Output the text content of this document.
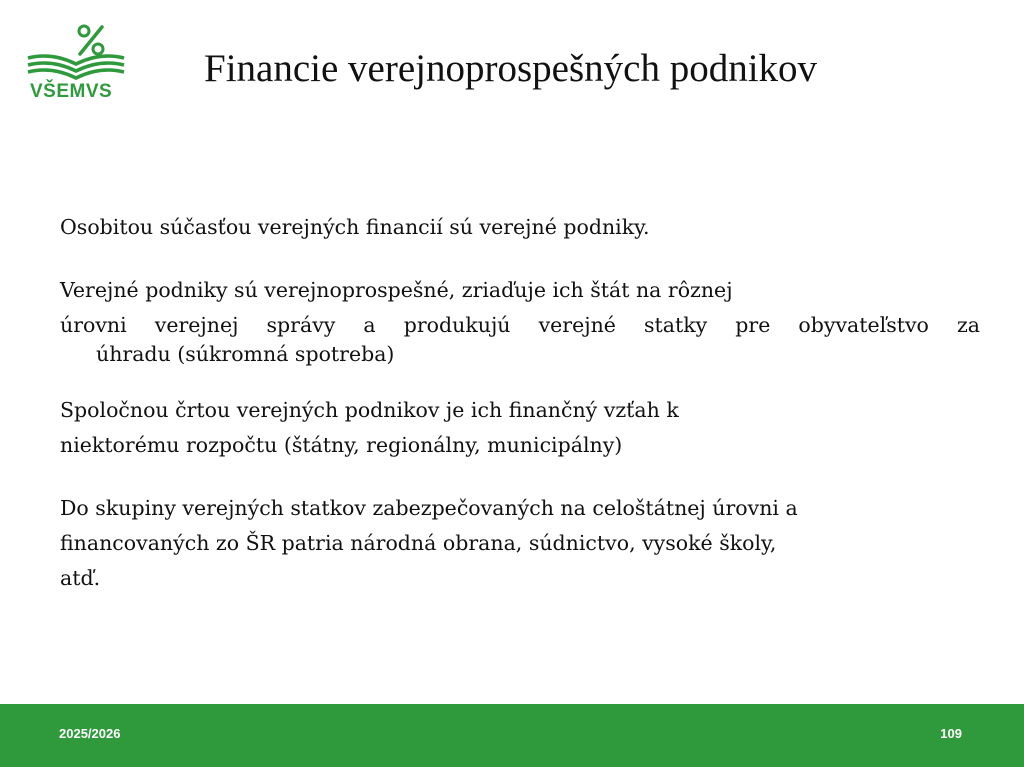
VŠEMVS
Financie verejnoprospešných podnikov

Osobitou súčasťou verejných financií sú verejné podniky.

Verejné podniky sú verejnoprospešné, zriaďuje ich štát na rôznej
úrovni verejnej správy a produkujú verejné statky pre obyvateľstvo za
úhradu (súkromná spotreba)

Spoločnou črtou verejných podnikov je ich finančný vzťah k
niektorému rozpočtu (štátny, regionálny, municipálny)

Do skupiny verejných statkov zabezpečovaných na celoštátnej úrovni a
financovaných zo ŠR patria národná obrana, súdnictvo, vysoké školy,
atď.

2025/2026	109
